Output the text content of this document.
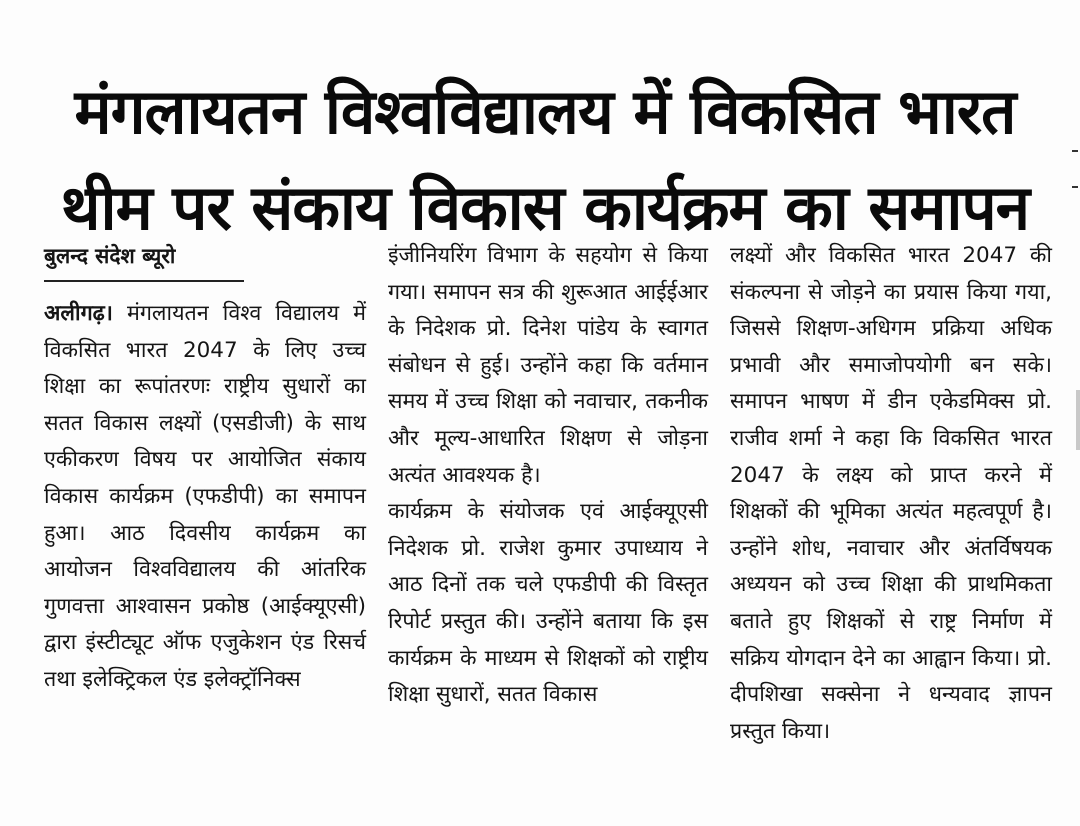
मंगलायतन विश्वविद्यालय में विकसित भारत
थीम पर संकाय विकास कार्यक्रम का समापन
बुलन्द संदेश ब्यूरो

अलीगढ़। मंगलायतन विश्व विद्यालय में विकसित भारत 2047 के लिए उच्च शिक्षा का रूपांतरणः राष्ट्रीय सुधारों का सतत विकास लक्ष्यों (एसडीजी) के साथ एकीकरण विषय पर आयोजित संकाय विकास कार्यक्रम (एफडीपी) का समापन हुआ। आठ दिवसीय कार्यक्रम का आयोजन विश्वविद्यालय की आंतरिक गुणवत्ता आश्वासन प्रकोष्ठ (आईक्यूएसी) द्वारा इंस्टीट्यूट ऑफ एजुकेशन एंड रिसर्च तथा इलेक्ट्रिकल एंड इलेक्ट्रॉनिक्स

इंजीनियरिंग विभाग के सहयोग से किया गया। समापन सत्र की शुरूआत आईईआर के निदेशक प्रो. दिनेश पांडेय के स्वागत संबोधन से हुई। उन्होंने कहा कि वर्तमान समय में उच्च शिक्षा को नवाचार, तकनीक और मूल्य-आधारित शिक्षण से जोड़ना अत्यंत आवश्यक है।

कार्यक्रम के संयोजक एवं आईक्यूएसी निदेशक प्रो. राजेश कुमार उपाध्याय ने आठ दिनों तक चले एफडीपी की विस्तृत रिपोर्ट प्रस्तुत की। उन्होंने बताया कि इस कार्यक्रम के माध्यम से शिक्षकों को राष्ट्रीय शिक्षा सुधारों, सतत विकास

लक्ष्यों और विकसित भारत 2047 की संकल्पना से जोड़ने का प्रयास किया गया, जिससे शिक्षण-अधिगम प्रक्रिया अधिक प्रभावी और समाजोपयोगी बन सके। समापन भाषण में डीन एकेडमिक्स प्रो. राजीव शर्मा ने कहा कि विकसित भारत 2047 के लक्ष्य को प्राप्त करने में शिक्षकों की भूमिका अत्यंत महत्वपूर्ण है। उन्होंने शोध, नवाचार और अंतर्विषयक अध्ययन को उच्च शिक्षा की प्राथमिकता बताते हुए शिक्षकों से राष्ट्र निर्माण में सक्रिय योगदान देने का आह्वान किया। प्रो. दीपशिखा सक्सेना ने धन्यवाद ज्ञापन प्रस्तुत किया।
